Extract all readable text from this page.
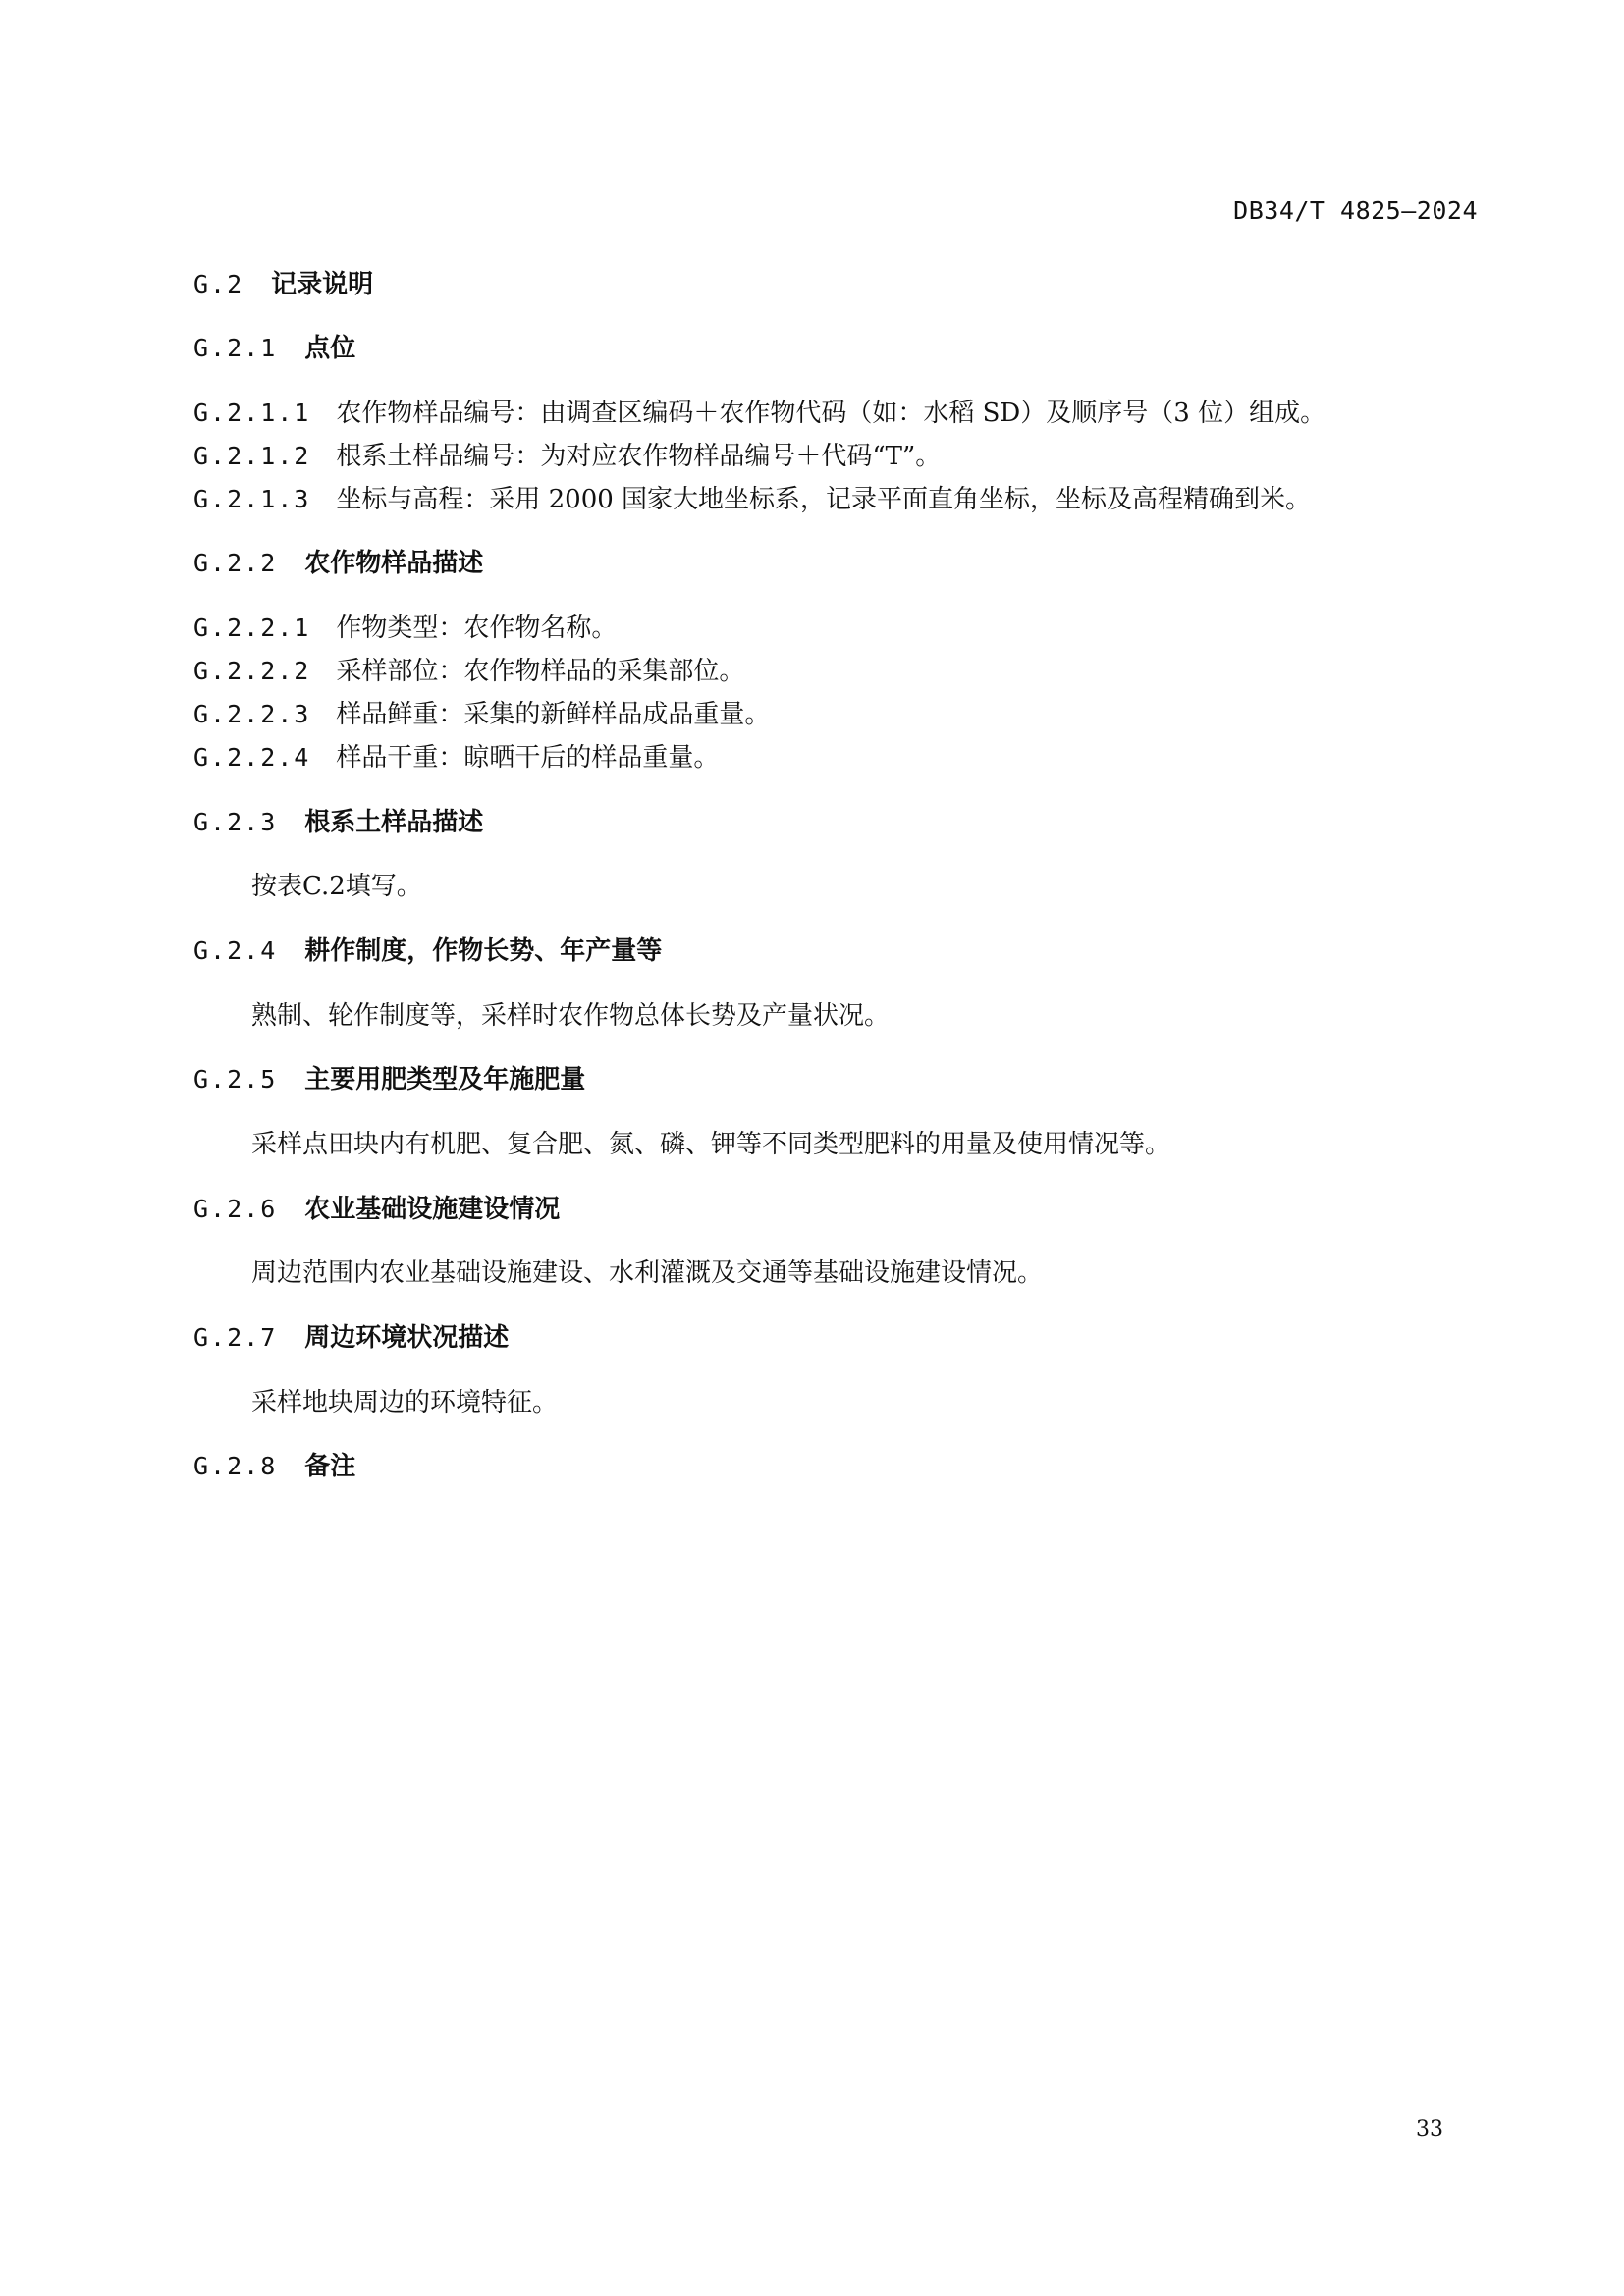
DB34/T 4825—2024
G.2 记录说明
G.2.1 点位
G.2.1.1 农作物样品编号：由调查区编码＋农作物代码（如：水稻 SD）及顺序号（3 位）组成。
G.2.1.2 根系土样品编号：为对应农作物样品编号＋代码“T”。
G.2.1.3 坐标与高程：采用 2000 国家大地坐标系，记录平面直角坐标，坐标及高程精确到米。
G.2.2 农作物样品描述
G.2.2.1 作物类型：农作物名称。
G.2.2.2 采样部位：农作物样品的采集部位。
G.2.2.3 样品鲜重：采集的新鲜样品成品重量。
G.2.2.4 样品干重：晾晒干后的样品重量。
G.2.3 根系土样品描述
按表C.2填写。
G.2.4 耕作制度，作物长势、年产量等
熟制、轮作制度等，采样时农作物总体长势及产量状况。
G.2.5 主要用肥类型及年施肥量
采样点田块内有机肥、复合肥、氮、磷、钾等不同类型肥料的用量及使用情况等。
G.2.6 农业基础设施建设情况
周边范围内农业基础设施建设、水利灌溉及交通等基础设施建设情况。
G.2.7 周边环境状况描述
采样地块周边的环境特征。
G.2.8 备注
33
